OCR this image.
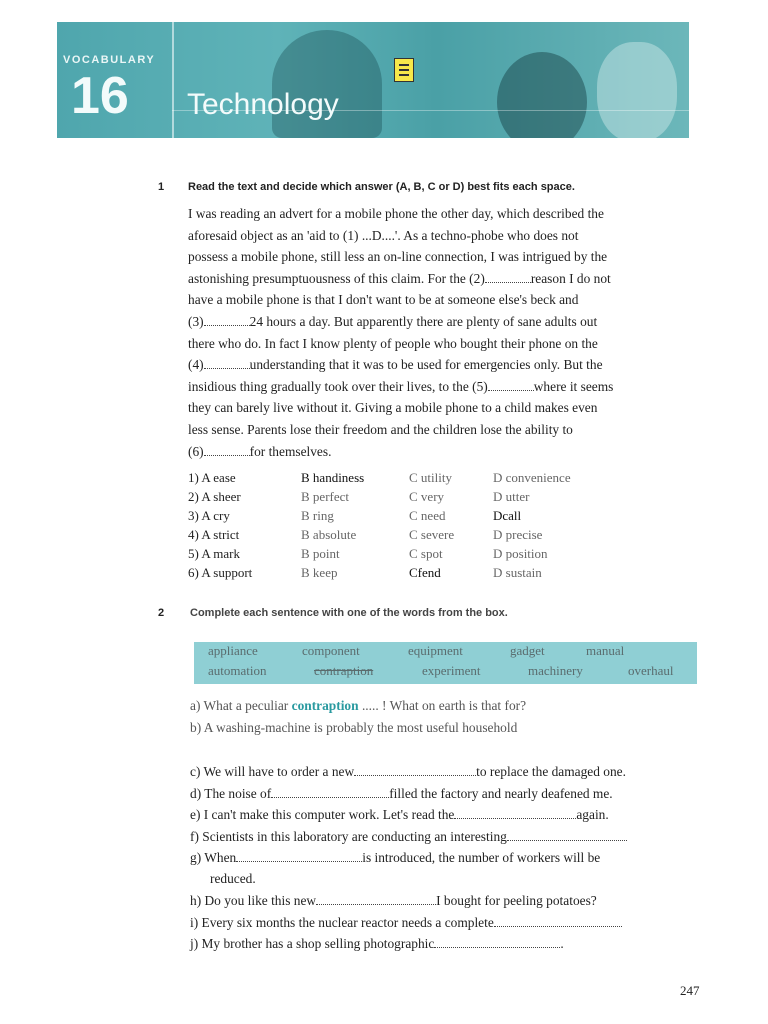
VOCABULARY
16 Technology
1 Read the text and decide which answer (A, B, C or D) best fits each space.
I was reading an advert for a mobile phone the other day, which described the
aforesaid object as an 'aid to (1) ...D....'. As a techno-phobe who does not
possess a mobile phone, still less an on-line connection, I was intrigued by the
astonishing presumptuousness of this claim. For the (2)	reason I do not
have a mobile phone is that I don't want to be at someone else's beck and
(3)	24 hours a day. But apparently there are plenty of sane adults out
there who do. In fact I know plenty of people who bought their phone on the
(4)	understanding that it was to be used for emergencies only. But the
insidious thing gradually took over their lives, to the (5)	where it seems
they can barely live without it. Giving a mobile phone to a child makes even
less sense. Parents lose their freedom and the children lose the ability to
(6)	for themselves.
1) A ease	B handiness	C utility	D convenience
2) A sheer	B perfect	C very	D utter
3) A cry	B ring	C need	Dcall
4) A strict	B absolute	C severe	D precise
5) A mark	B point	C spot	D position
6) A support	B keep	Cfend	D sustain
2 Complete each sentence with one of the words from the box.
appliance	component	equipment	gadget	manual
automation	contraption	experiment	machinery	overhaul
a) What a peculiar contraption ..... ! What on earth is that for?
b) A washing-machine is probably the most useful household
c) We will have to order a new	to replace the damaged one.
d) The noise of	filled the factory and nearly deafened me.
e) I can't make this computer work. Let's read the	again.
f) Scientists in this laboratory are conducting an interesting
g) When	is introduced, the number of workers will be
reduced.
h) Do you like this new	I bought for peeling potatoes?
i) Every six months the nuclear reactor needs a complete
j) My brother has a shop selling photographic	.
247
